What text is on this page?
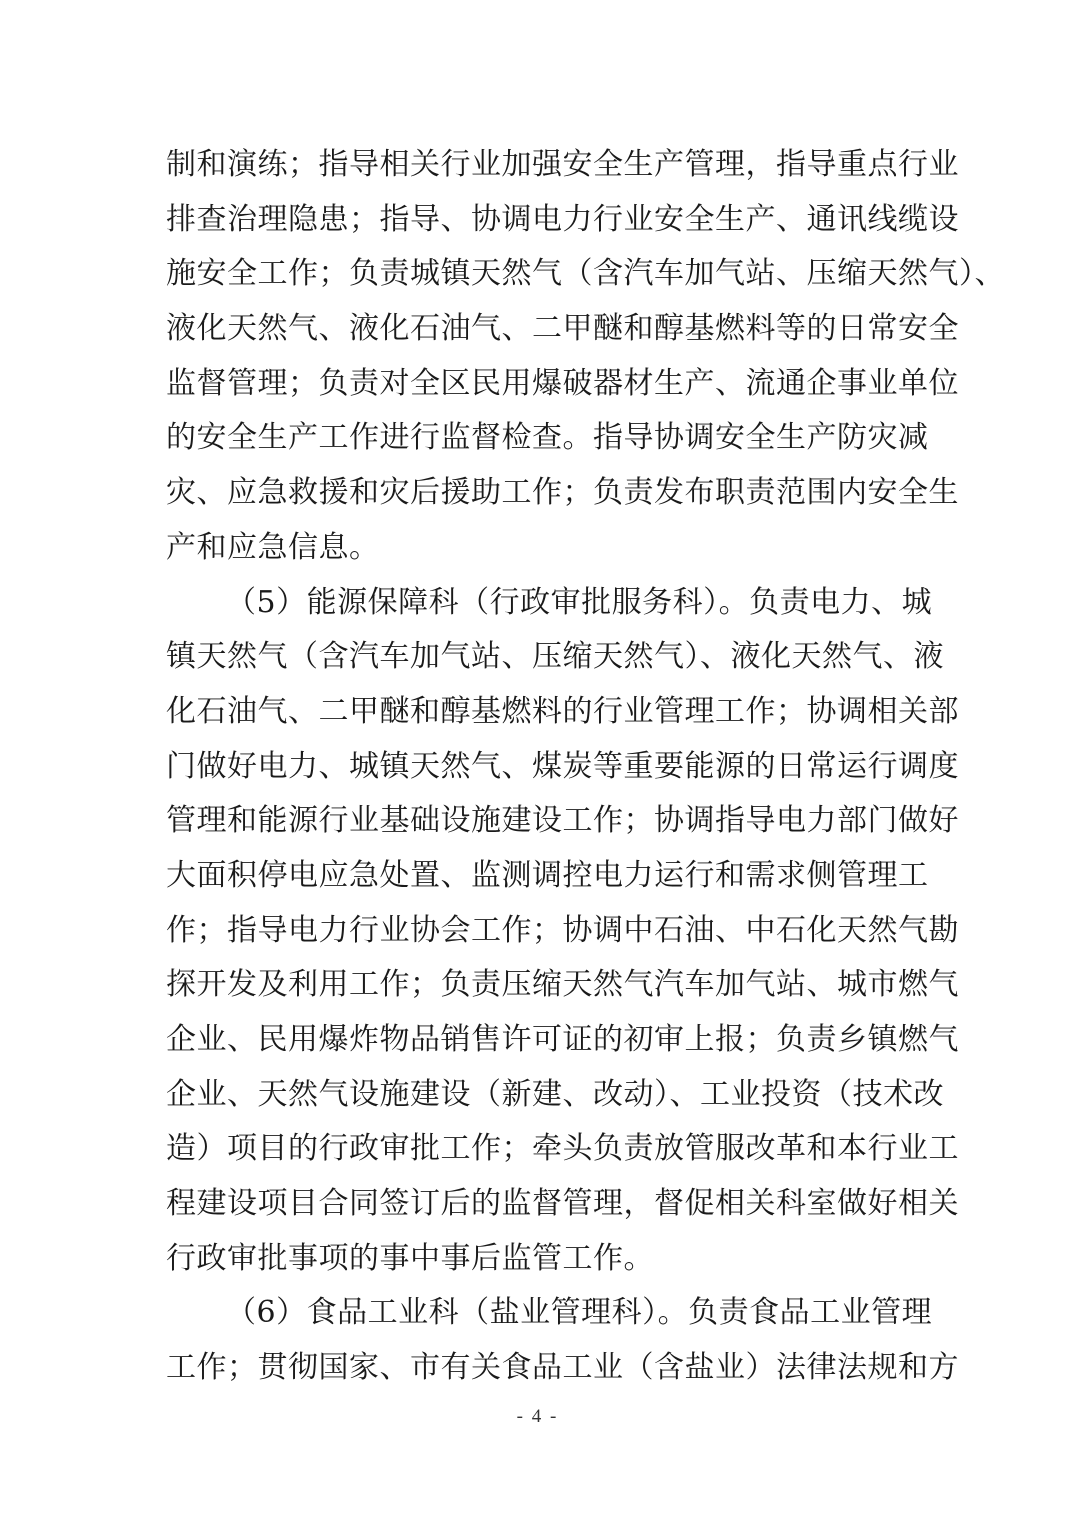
制和演练；指导相关行业加强安全生产管理，指导重点行业
排查治理隐患；指导、协调电力行业安全生产、通讯线缆设
施安全工作；负责城镇天然气（含汽车加气站、压缩天然气）、
液化天然气、液化石油气、二甲醚和醇基燃料等的日常安全
监督管理；负责对全区民用爆破器材生产、流通企事业单位
的安全生产工作进行监督检查。指导协调安全生产防灾减
灾、应急救援和灾后援助工作；负责发布职责范围内安全生
产和应急信息。
（5）能源保障科（行政审批服务科）。负责电力、城
镇天然气（含汽车加气站、压缩天然气）、液化天然气、液
化石油气、二甲醚和醇基燃料的行业管理工作；协调相关部
门做好电力、城镇天然气、煤炭等重要能源的日常运行调度
管理和能源行业基础设施建设工作；协调指导电力部门做好
大面积停电应急处置、监测调控电力运行和需求侧管理工
作；指导电力行业协会工作；协调中石油、中石化天然气勘
探开发及利用工作；负责压缩天然气汽车加气站、城市燃气
企业、民用爆炸物品销售许可证的初审上报；负责乡镇燃气
企业、天然气设施建设（新建、改动）、工业投资（技术改
造）项目的行政审批工作；牵头负责放管服改革和本行业工
程建设项目合同签订后的监督管理，督促相关科室做好相关
行政审批事项的事中事后监管工作。
（6）食品工业科（盐业管理科）。负责食品工业管理
工作；贯彻国家、市有关食品工业（含盐业）法律法规和方
- 4 -
